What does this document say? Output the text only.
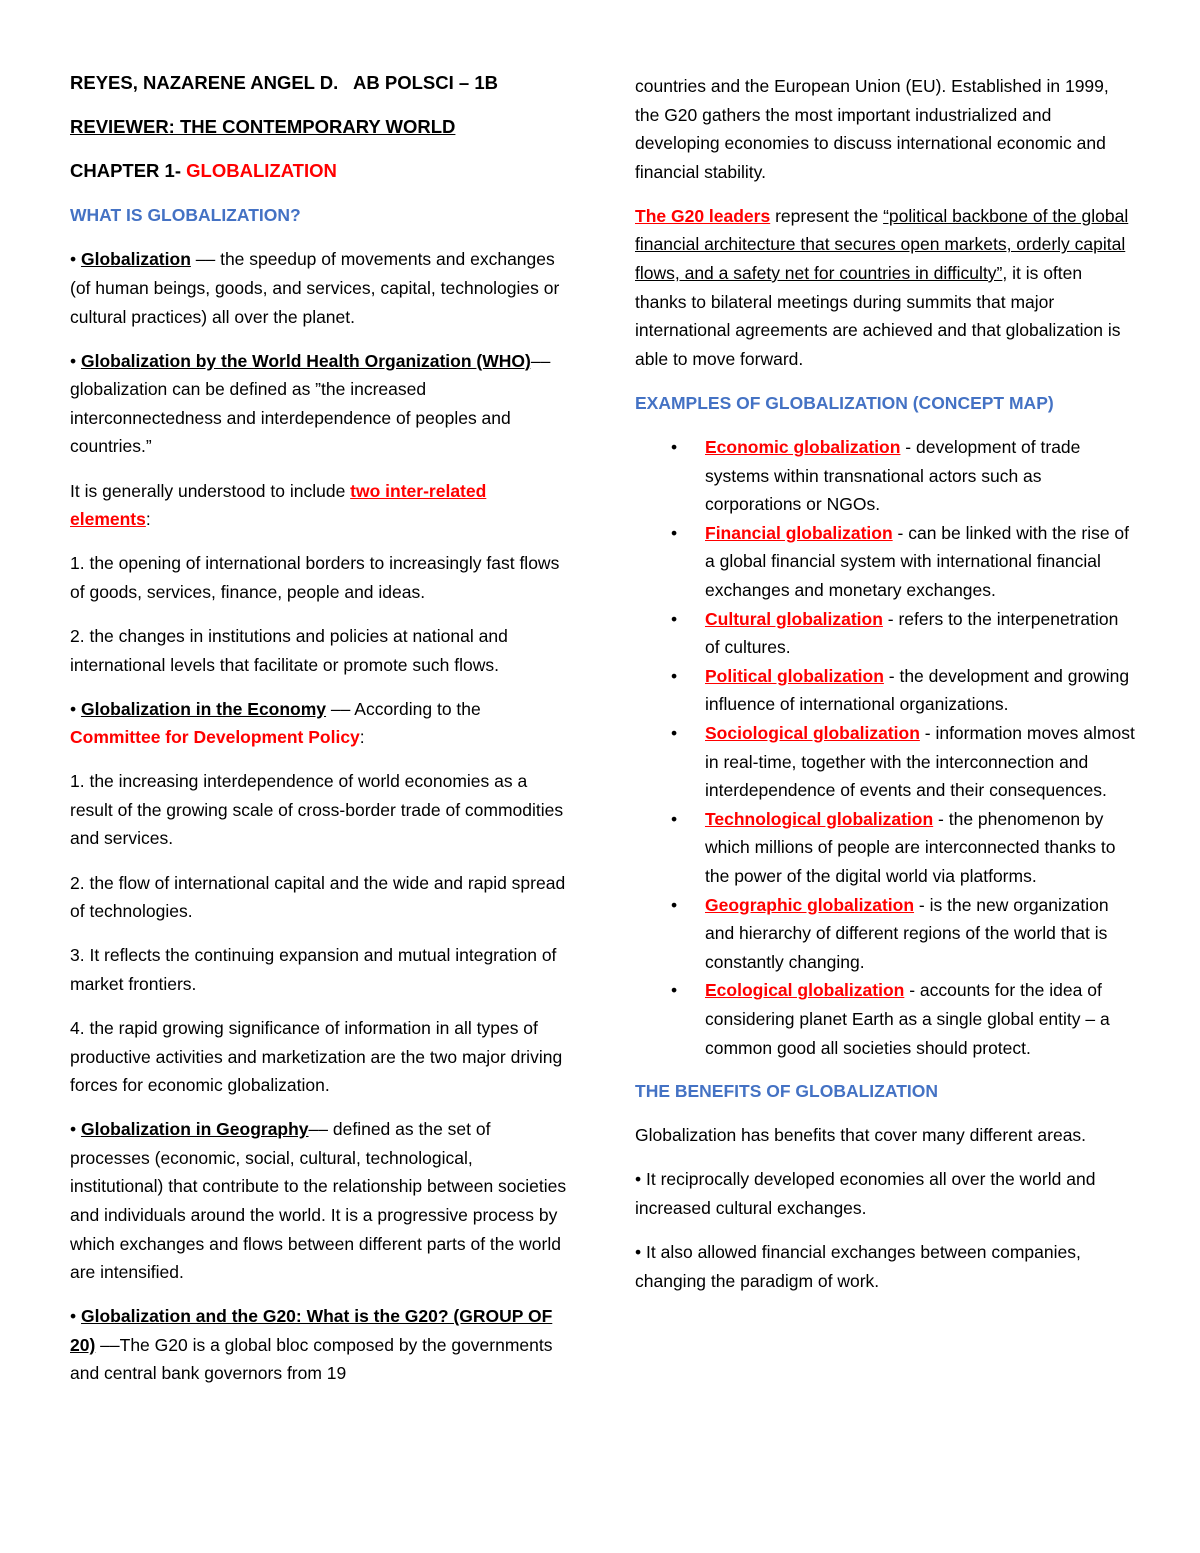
REYES, NAZARENE ANGEL D. AB POLSCI – 1B

REVIEWER: THE CONTEMPORARY WORLD

CHAPTER 1- GLOBALIZATION

WHAT IS GLOBALIZATION?

• Globalization –– the speedup of movements and exchanges (of human beings, goods, and services, capital, technologies or cultural practices) all over the planet.

• Globalization by the World Health Organization (WHO)–– globalization can be defined as ”the increased interconnectedness and interdependence of peoples and countries.”

It is generally understood to include two inter-related elements:

1. the opening of international borders to increasingly fast flows of goods, services, finance, people and ideas.

2. the changes in institutions and policies at national and international levels that facilitate or promote such flows.

• Globalization in the Economy –– According to the Committee for Development Policy:

1. the increasing interdependence of world economies as a result of the growing scale of cross-border trade of commodities and services.

2. the flow of international capital and the wide and rapid spread of technologies.

3. It reflects the continuing expansion and mutual integration of market frontiers.

4. the rapid growing significance of information in all types of productive activities and marketization are the two major driving forces for economic globalization.

• Globalization in Geography–– defined as the set of processes (economic, social, cultural, technological, institutional) that contribute to the relationship between societies and individuals around the world. It is a progressive process by which exchanges and flows between different parts of the world are intensified.

• Globalization and the G20: What is the G20? (GROUP OF 20) ––The G20 is a global bloc composed by the governments and central bank governors from 19

countries and the European Union (EU). Established in 1999, the G20 gathers the most important industrialized and developing economies to discuss international economic and financial stability.

The G20 leaders represent the “political backbone of the global financial architecture that secures open markets, orderly capital flows, and a safety net for countries in difficulty”, it is often thanks to bilateral meetings during summits that major international agreements are achieved and that globalization is able to move forward.

EXAMPLES OF GLOBALIZATION (CONCEPT MAP)

• Economic globalization - development of trade systems within transnational actors such as corporations or NGOs.
• Financial globalization - can be linked with the rise of a global financial system with international financial exchanges and monetary exchanges.
• Cultural globalization - refers to the interpenetration of cultures.
• Political globalization - the development and growing influence of international organizations.
• Sociological globalization - information moves almost in real-time, together with the interconnection and interdependence of events and their consequences.
• Technological globalization - the phenomenon by which millions of people are interconnected thanks to the power of the digital world via platforms.
• Geographic globalization - is the new organization and hierarchy of different regions of the world that is constantly changing.
• Ecological globalization - accounts for the idea of considering planet Earth as a single global entity – a common good all societies should protect.

THE BENEFITS OF GLOBALIZATION

Globalization has benefits that cover many different areas.

• It reciprocally developed economies all over the world and increased cultural exchanges.

• It also allowed financial exchanges between companies, changing the paradigm of work.
